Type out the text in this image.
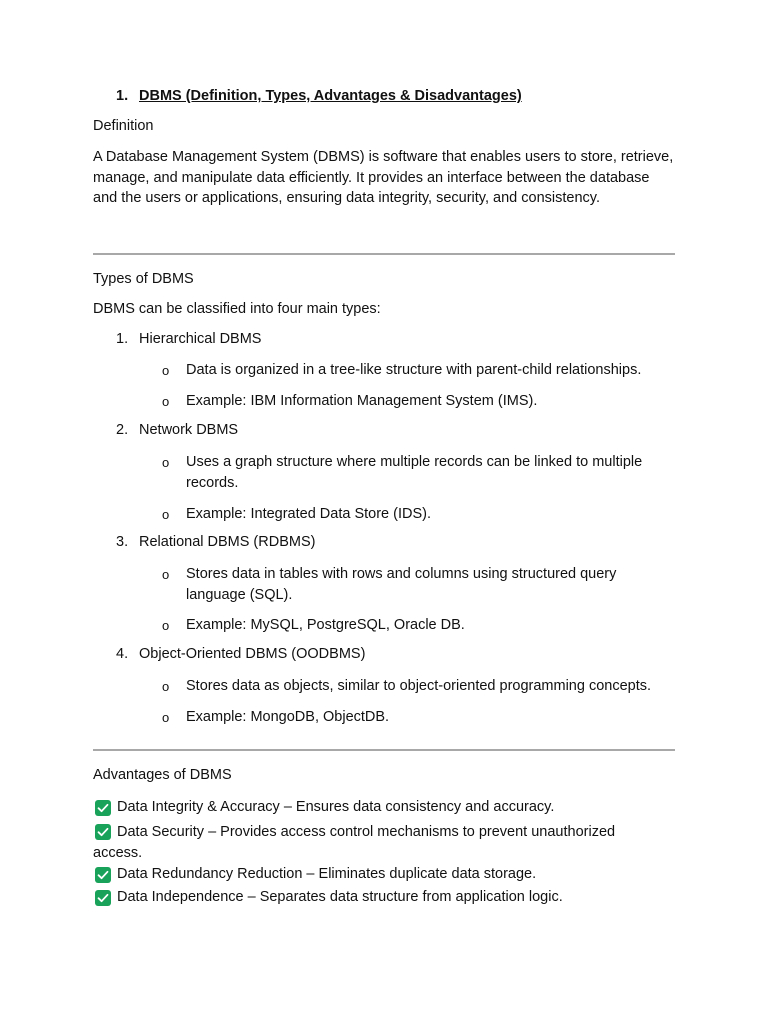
1. DBMS (Definition, Types, Advantages & Disadvantages)
Definition
A Database Management System (DBMS) is software that enables users to store, retrieve, manage, and manipulate data efficiently. It provides an interface between the database and the users or applications, ensuring data integrity, security, and consistency.
Types of DBMS
DBMS can be classified into four main types:
1. Hierarchical DBMS
o Data is organized in a tree-like structure with parent-child relationships.
o Example: IBM Information Management System (IMS).
2. Network DBMS
o Uses a graph structure where multiple records can be linked to multiple records.
o Example: Integrated Data Store (IDS).
3. Relational DBMS (RDBMS)
o Stores data in tables with rows and columns using structured query language (SQL).
o Example: MySQL, PostgreSQL, Oracle DB.
4. Object-Oriented DBMS (OODBMS)
o Stores data as objects, similar to object-oriented programming concepts.
o Example: MongoDB, ObjectDB.
Advantages of DBMS
Data Integrity & Accuracy – Ensures data consistency and accuracy.
Data Security – Provides access control mechanisms to prevent unauthorized access.
Data Redundancy Reduction – Eliminates duplicate data storage.
Data Independence – Separates data structure from application logic.
